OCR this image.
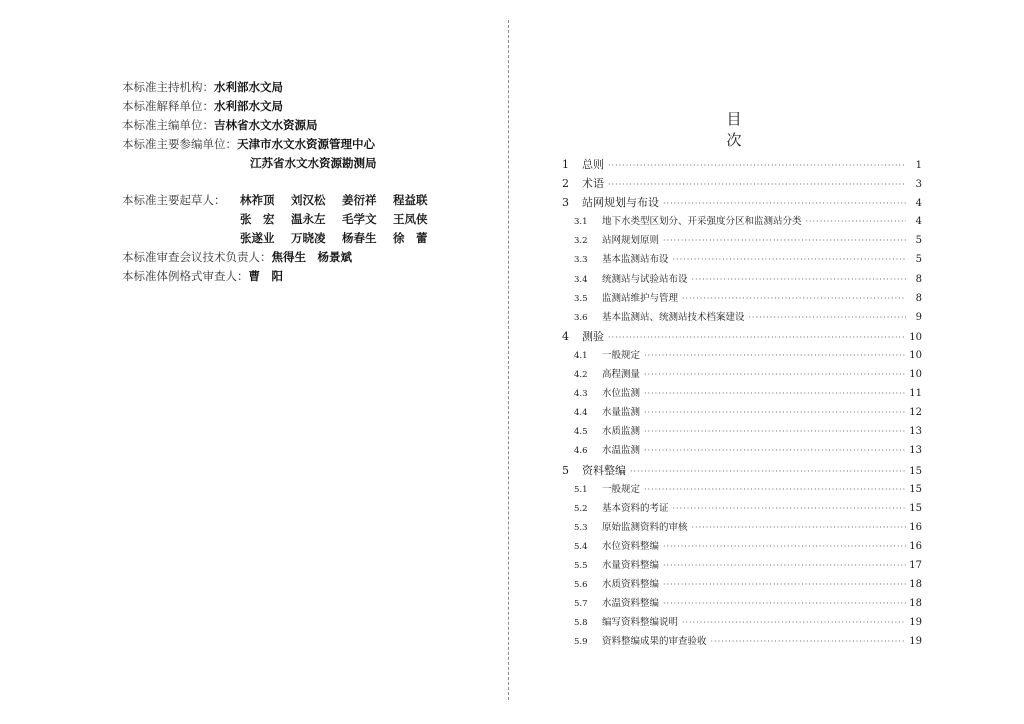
本标准主持机构：水利部水文局
本标准解释单位：水利部水文局
本标准主编单位：吉林省水文水资源局
本标准主要参编单位：天津市水文水资源管理中心
江苏省水文水资源勘测局
本标准主要起草人： 林祚顶 刘汉松 姜衍祥 程益联
张　宏 温永左 毛学文 王凤侠
张遂业 万晓凌 杨春生 徐　蕾
本标准审查会议技术负责人：焦得生　杨景斌
本标准体例格式审查人：曹　阳
目次
1	总则 ·····	1
2	术语 ·····	3
3	站网规划与布设 ·····	4
3.1	地下水类型区划分、开采强度分区和监测站分类 ·····	4
3.2	站网规划原则 ·····	5
3.3	基本监测站布设 ·····	5
3.4	统测站与试验站布设 ·····	8
3.5	监测站维护与管理 ·····	8
3.6	基本监测站、统测站技术档案建设 ·····	9
4	测验 ·····	10
4.1	一般规定 ·····	10
4.2	高程测量 ·····	10
4.3	水位监测 ·····	11
4.4	水量监测 ·····	12
4.5	水质监测 ·····	13
4.6	水温监测 ·····	13
5	资料整编 ·····	15
5.1	一般规定 ·····	15
5.2	基本资料的考证 ·····	15
5.3	原始监测资料的审核 ·····	16
5.4	水位资料整编 ·····	16
5.5	水量资料整编 ·····	17
5.6	水质资料整编 ·····	18
5.7	水温资料整编 ·····	18
5.8	编写资料整编说明 ·····	19
5.9	资料整编成果的审查验收 ·····	19
